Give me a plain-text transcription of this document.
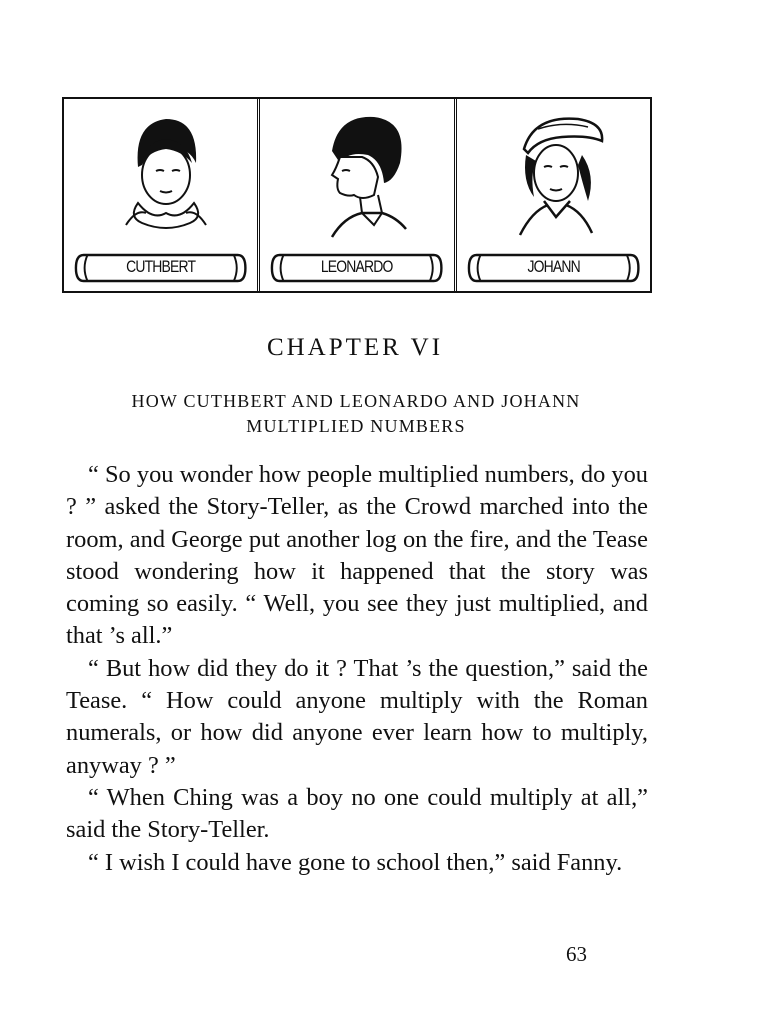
CUTHBERT	LEONARDO	JOHANN
CHAPTER VI
HOW CUTHBERT AND LEONARDO AND JOHANN MULTIPLIED NUMBERS

“ So you wonder how people multiplied numbers, do you ? ” asked the Story-Teller, as the Crowd marched into the room, and George put another log on the fire, and the Tease stood wondering how it happened that the story was coming so easily. “ Well, you see they just multiplied, and that ’s all.”

“ But how did they do it ? That ’s the question,” said the Tease. “ How could anyone multiply with the Roman numerals, or how did anyone ever learn how to multiply, anyway ? ”

“ When Ching was a boy no one could multiply at all,” said the Story-Teller.

“ I wish I could have gone to school then,” said Fanny.

63
